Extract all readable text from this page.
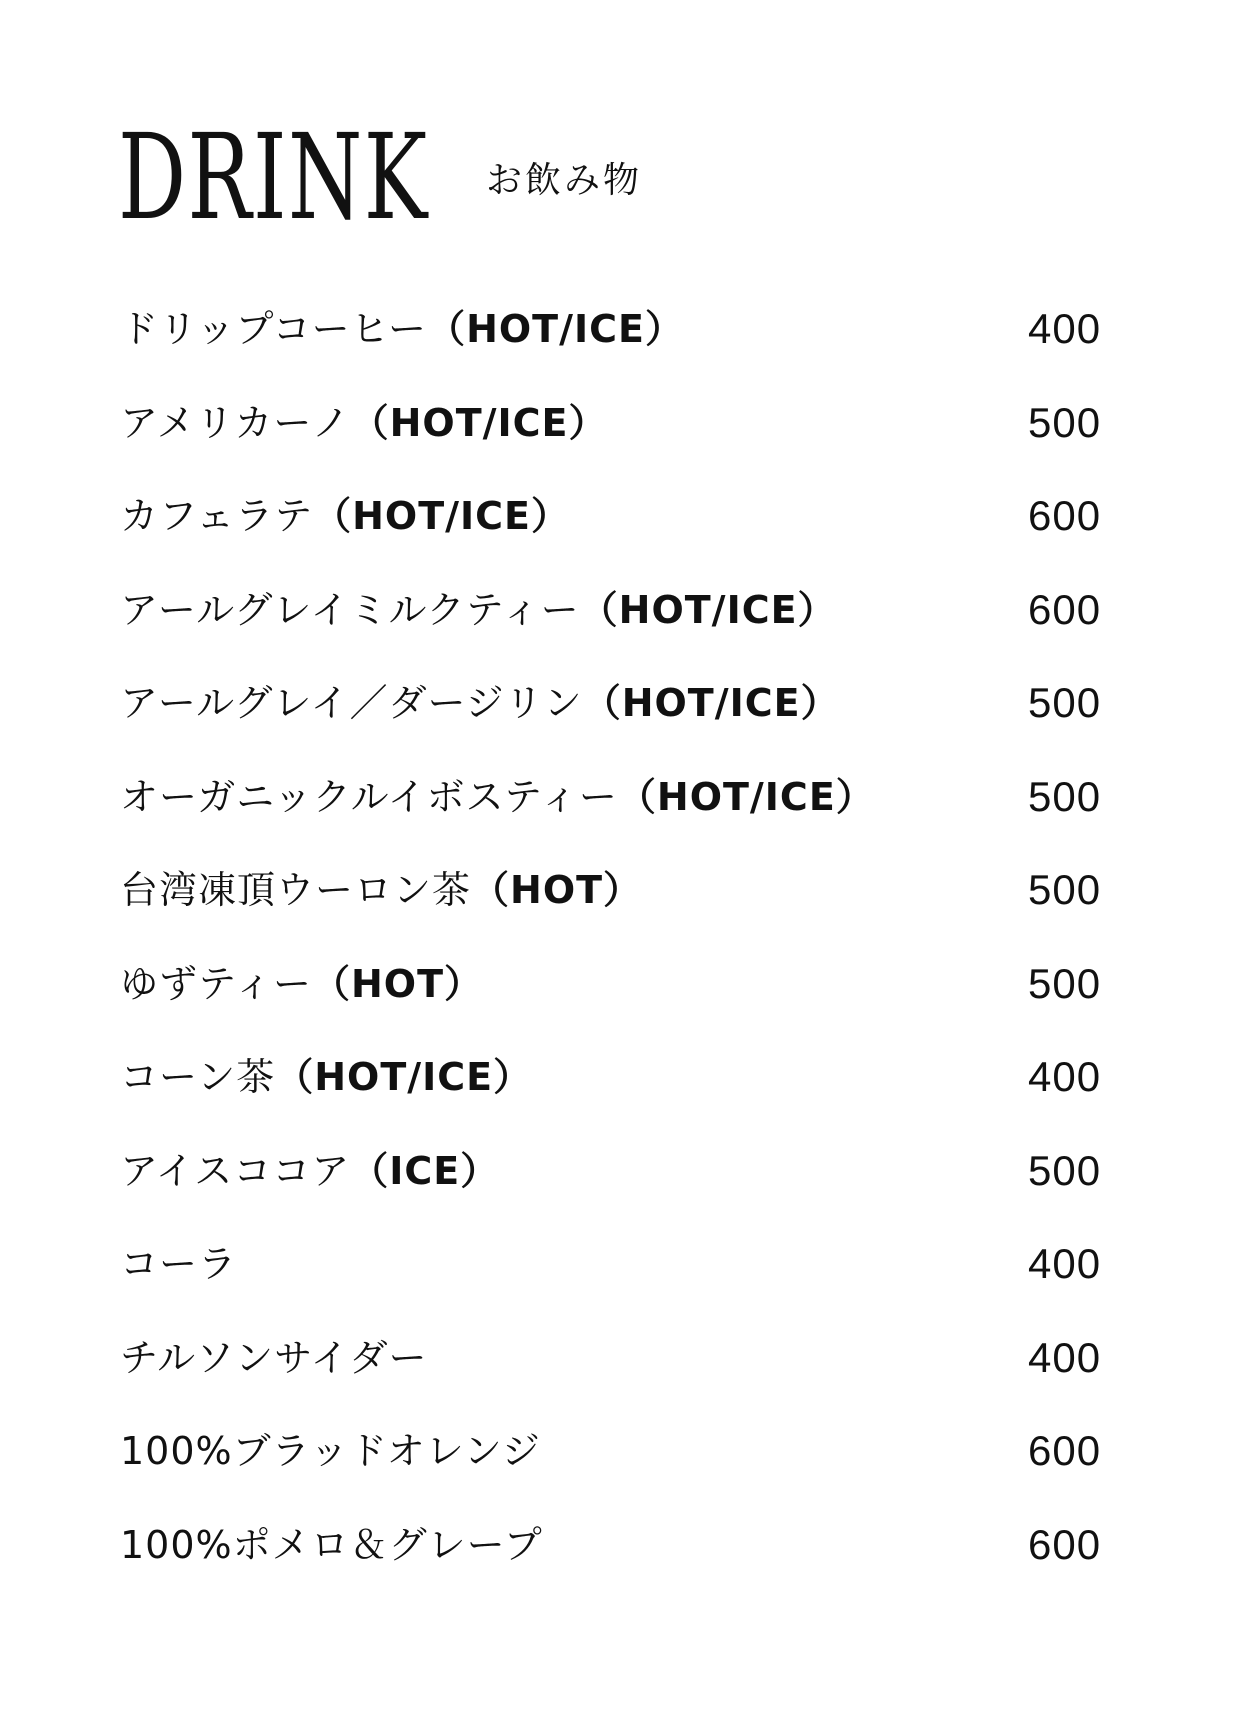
DRINK お飲み物
ドリップコーヒー（HOT/ICE）	400
アメリカーノ（HOT/ICE）	500
カフェラテ（HOT/ICE）	600
アールグレイミルクティー（HOT/ICE）	600
アールグレイ／ダージリン（HOT/ICE）	500
オーガニックルイボスティー（HOT/ICE）	500
台湾凍頂ウーロン茶（HOT）	500
ゆずティー（HOT）	500
コーン茶（HOT/ICE）	400
アイスココア（ICE）	500
コーラ	400
チルソンサイダー	400
100%ブラッドオレンジ	600
100%ポメロ＆グレープ	600
